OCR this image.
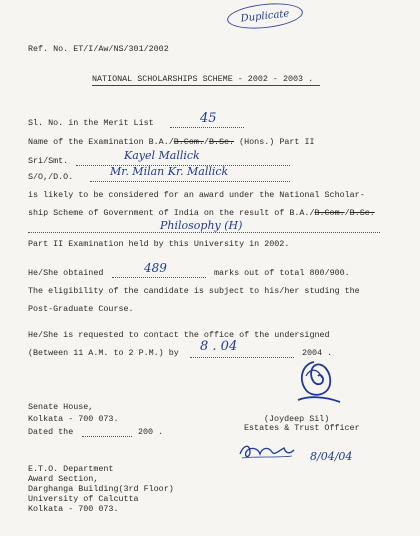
Duplicate
Ref. No. ET/I/Aw/NS/301/2002
NATIONAL SCHOLARSHIPS SCHEME - 2002 - 2003 .
Sl. No. in the Merit List	45
Name of the Examination B.A./B.Com./B.Sc. (Hons.) Part II
Sri/Smt.	Kayel Mallick
S/O,/D.O.	Mr. Milan Kr. Mallick
is likely to be considered for an award under the National Scholar-
ship Scheme of Government of India on the result of B.A./B.Com./B.Sc.
Philosophy (H)
Part II Examination held by this University in 2002.
He/She obtained	489	marks out of total 800/900.
The eligibility of the candidate is subject to his/her studing the
Post-Graduate Course.
He/She is requested to contact the office of the undersigned
(Between 11 A.M. to 2 P.M.) by 8 . 04	2004 .
Senate House,
Kolkata - 700 073.
Dated the	200 .
(Joydeep Sil)
Estates & Trust Officer
8/04/04
E.T.O. Department
Award Section,
Darghanga Building(3rd Floor)
University of Calcutta
Kolkata - 700 073.
